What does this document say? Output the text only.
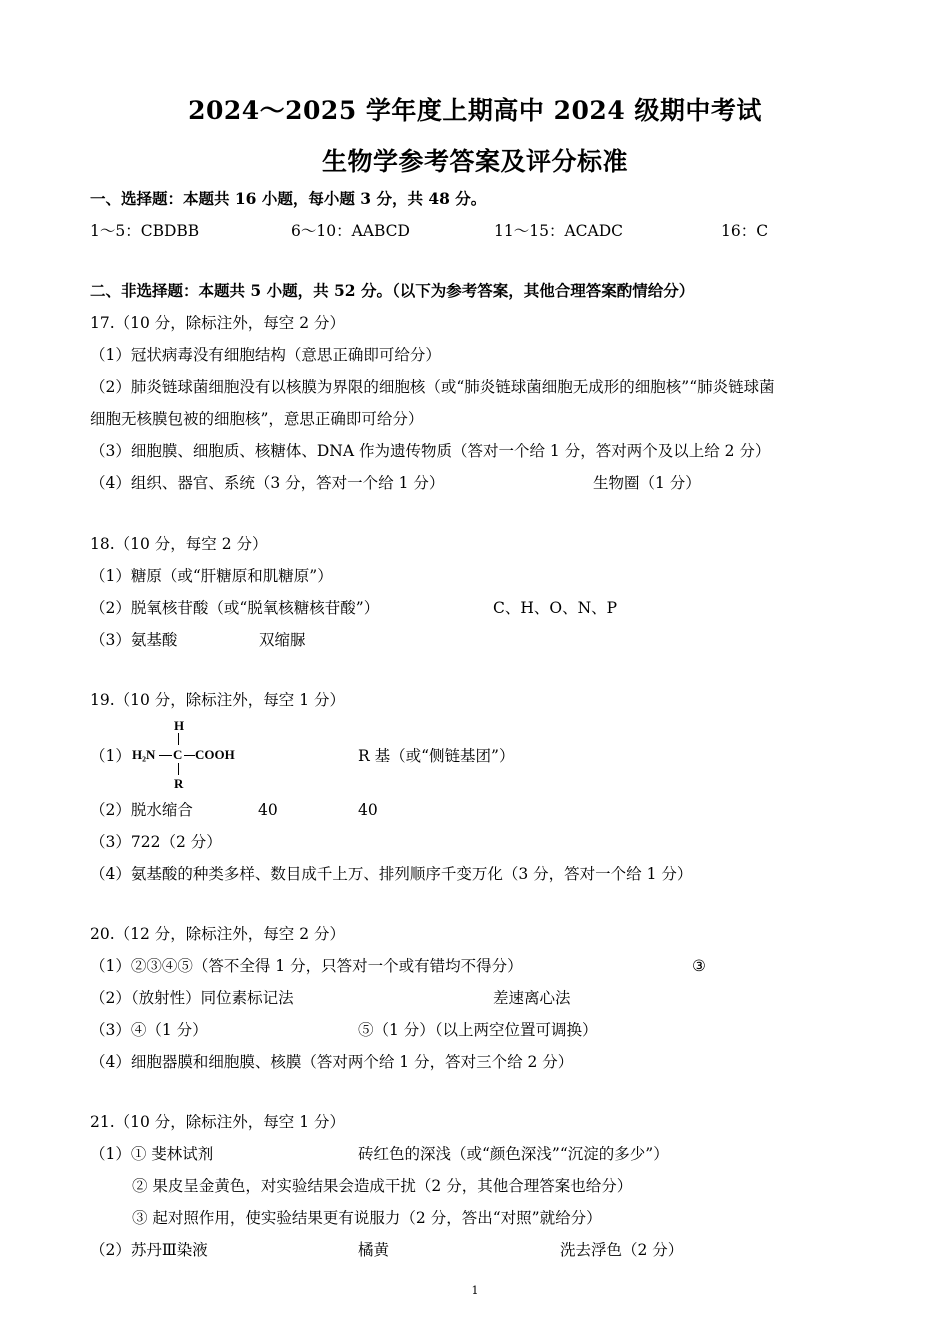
2024～2025 学年度上期高中 2024 级期中考试
生物学参考答案及评分标准
一、选择题：本题共 16 小题，每小题 3 分，共 48 分。
1～5：CBDBB	6～10：AABCD	11～15：ACADC	16：C
二、非选择题：本题共 5 小题，共 52 分。（以下为参考答案，其他合理答案酌情给分）
17.（10 分，除标注外，每空 2 分）
（1）冠状病毒没有细胞结构（意思正确即可给分）
（2）肺炎链球菌细胞没有以核膜为界限的细胞核（或“肺炎链球菌细胞无成形的细胞核”“肺炎链球菌
细胞无核膜包被的细胞核”，意思正确即可给分）
（3）细胞膜、细胞质、核糖体、DNA 作为遗传物质（答对一个给 1 分，答对两个及以上给 2 分）
（4）组织、器官、系统（3 分，答对一个给 1 分）	生物圈（1 分）
18.（10 分，每空 2 分）
（1）糖原（或“肝糖原和肌糖原”）
（2）脱氧核苷酸（或“脱氧核糖核苷酸”）	C、H、O、N、P
（3）氨基酸	双缩脲
19.（10 分，除标注外，每空 1 分）
（1）
H
H₂N C COOH
R
R 基（或“侧链基团”）
（2）脱水缩合	40	40
（3）722（2 分）
（4）氨基酸的种类多样、数目成千上万、排列顺序千变万化（3 分，答对一个给 1 分）
20.（12 分，除标注外，每空 2 分）
（1）②③④⑤（答不全得 1 分，只答对一个或有错均不得分）	③
（2）（放射性）同位素标记法	差速离心法
（3）④（1 分）	⑤（1 分）（以上两空位置可调换）
（4）细胞器膜和细胞膜、核膜（答对两个给 1 分，答对三个给 2 分）
21.（10 分，除标注外，每空 1 分）
（1）① 斐林试剂	砖红色的深浅（或“颜色深浅”“沉淀的多少”）
② 果皮呈金黄色，对实验结果会造成干扰（2 分，其他合理答案也给分）
③ 起对照作用，使实验结果更有说服力（2 分，答出“对照”就给分）
（2）苏丹Ⅲ染液	橘黄	洗去浮色（2 分）
1
